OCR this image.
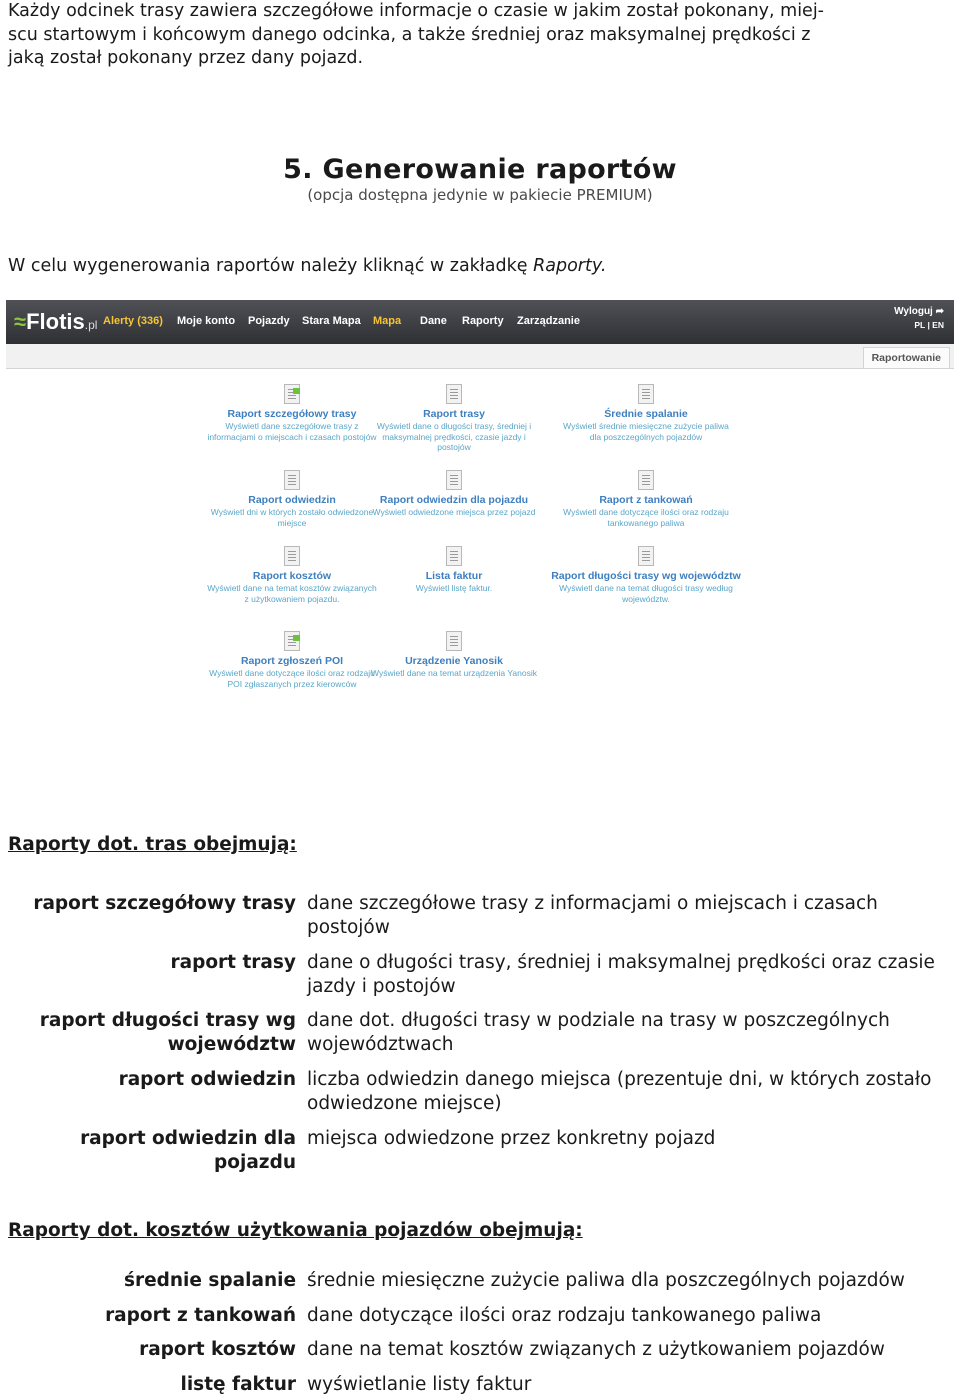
Każdy odcinek trasy zawiera szczegółowe informacje o czasie w jakim został pokonany, miej-
scu startowym i końcowym danego odcinka, a także średniej oraz maksymalnej prędkości z
jaką został pokonany przez dany pojazd.
5. Generowanie raportów
(opcja dostępna jedynie w pakiecie PREMIUM)
W celu wygenerowania raportów należy kliknąć w zakładkę Raporty.
≈Flotis.pl Alerty (336) Moje konto Pojazdy Stara Mapa Mapa Dane Raporty Zarządzanie
Wyloguj ➦
PL | EN
Raportowanie
Raport szczegółowy trasy
Wyświetl dane szczegółowe trasy z informacjami o miejscach i czasach postojów
Raport trasy
Wyświetl dane o długości trasy, średniej i maksymalnej prędkości, czasie jazdy i postojów
Średnie spalanie
Wyświetl średnie miesięczne zużycie paliwa dla poszczególnych pojazdów
Raport odwiedzin
Wyświetl dni w których zostało odwiedzone miejsce
Raport odwiedzin dla pojazdu
Wyświetl odwiedzone miejsca przez pojazd
Raport z tankowań
Wyświetl dane dotyczące ilości oraz rodzaju tankowanego paliwa
Raport kosztów
Wyświetl dane na temat kosztów związanych z użytkowaniem pojazdu.
Lista faktur
Wyświetl listę faktur.
Raport długości trasy wg województw
Wyświetl dane na temat długości trasy według województw.
Raport zgłoszeń POI
Wyświetl dane dotyczące ilości oraz rodzaju POI zgłaszanych przez kierowców
Urządzenie Yanosik
Wyświetl dane na temat urządzenia Yanosik
Raporty dot. tras obejmują:
raport szczegółowy trasy dane szczegółowe trasy z informacjami o miejscach i czasach postojów
raport trasy dane o długości trasy, średniej i maksymalnej prędkości oraz czasie jazdy i postojów
raport długości trasy wg województw
dane dot. długości trasy w podziale na trasy w poszczególnych województwach
raport odwiedzin liczba odwiedzin danego miejsca (prezentuje dni, w których zostało odwiedzone miejsce)
raport odwiedzin dla pojazdu
miejsca odwiedzone przez konkretny pojazd
Raporty dot. kosztów użytkowania pojazdów obejmują:
średnie spalanie średnie miesięczne zużycie paliwa dla poszczególnych pojazdów
raport z tankowań dane dotyczące ilości oraz rodzaju tankowanego paliwa
raport kosztów dane na temat kosztów związanych z użytkowaniem pojazdów
listę faktur wyświetlanie listy faktur
